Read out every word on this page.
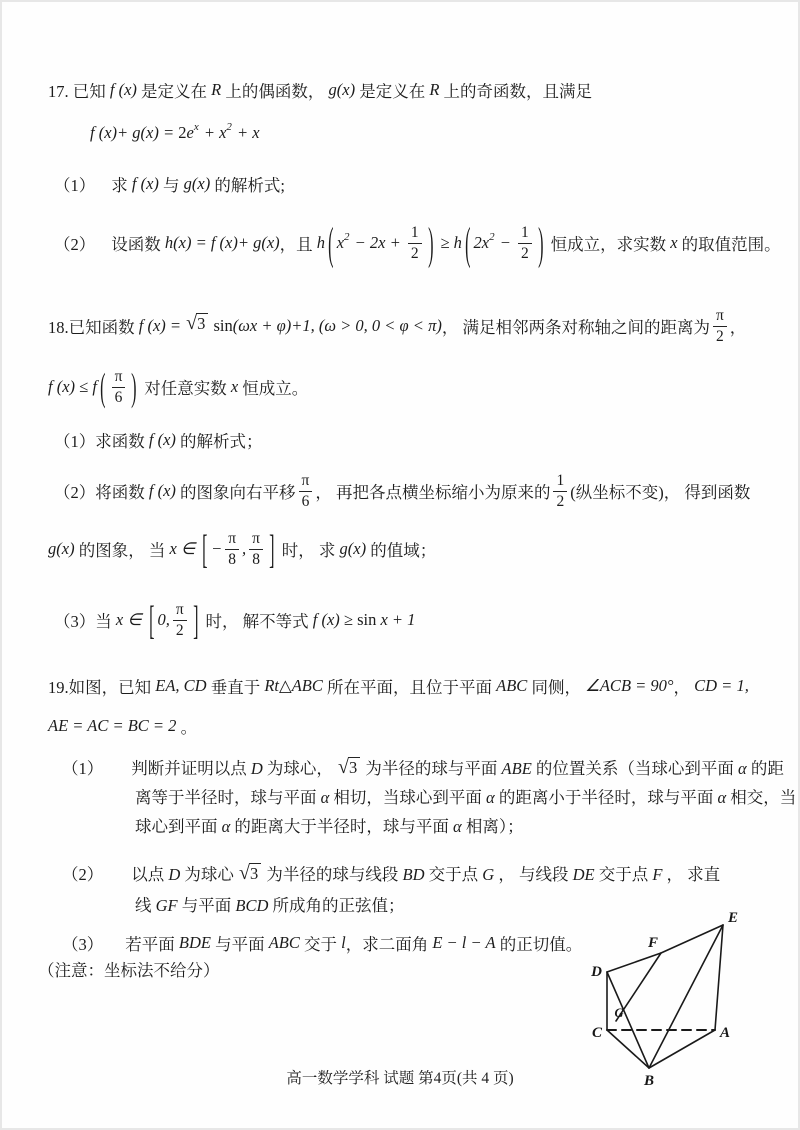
17. 已知 f (x) 是定义在 R 上的偶函数， g(x) 是定义在 R 上的奇函数，且满足
f (x)+ g(x) = 2 e x + x 2 + x
（1） 求 f (x) 与 g(x) 的解析式;
（2） 设函数 h(x) = f (x)+ g(x) ，且 h ( x $2 - 2x + \frac{1}{2}$ ) ≥ h ( 2x $2 - \frac{1}{2}$ ) 恒成立，求实数 x 的取值范围。
18.已知函数 f (x) = √ 3 sin (ωx + φ)+1, (ω > 0, 0 < φ < π) ， 满足相邻两条对称轴之间的距离为 $\frac{\pi}{2}$ ，
f (x) ≤ f ( $\frac{\pi}{6}$ ) 对任意实数 x 恒成立。
（1）求函数 f (x) 的解析式；
（2）将函数 f (x) 的图象向右平移 $\frac{\pi}{6}$ ， 再把各点横坐标缩小为原来的 $\frac{1}{2}$ (纵坐标不变)， 得到函数
g(x) 的图象， 当 x ∈ [ − $\frac{\pi}{8}$ , $\frac{\pi}{8}$ ] 时， 求 g(x) 的值域；
（3）当 x ∈ [ 0, $\frac{\pi}{2}$ ] 时， 解不等式 f (x) ≥ sin x + 1
19.如图，已知 EA, CD 垂直于 Rt △ ABC 所在平面，且位于平面 ABC 同侧， ∠ACB = 90° ， CD = 1,
AE = AC = BC = 2 。
（1） 判断并证明以点 D 为球心， √ 3 为半径的球与平面 ABE 的位置关系（当球心到平面 α 的距离等于半径时，球与平面 α 相切，当球心到平面 α 的距离小于半径时，球与平面 α 相交，当球心到平面 α 的距离大于半径时，球与平面 α 相离）；
（2） 以点 D 为球心 √ 3 为半径的球与线段 BD 交于点 G ， 与线段 DE 交于点 F ， 求直线 GF 与平面 BCD 所成角的正弦值；
（3） 若平面 BDE 与平面 ABC 交于 l ，求二面角 E − l − A 的正切值。
（注意：坐标法不给分）
E
F
D
G
C	A
B
高一数学学科 试题 第4页(共 4 页)
